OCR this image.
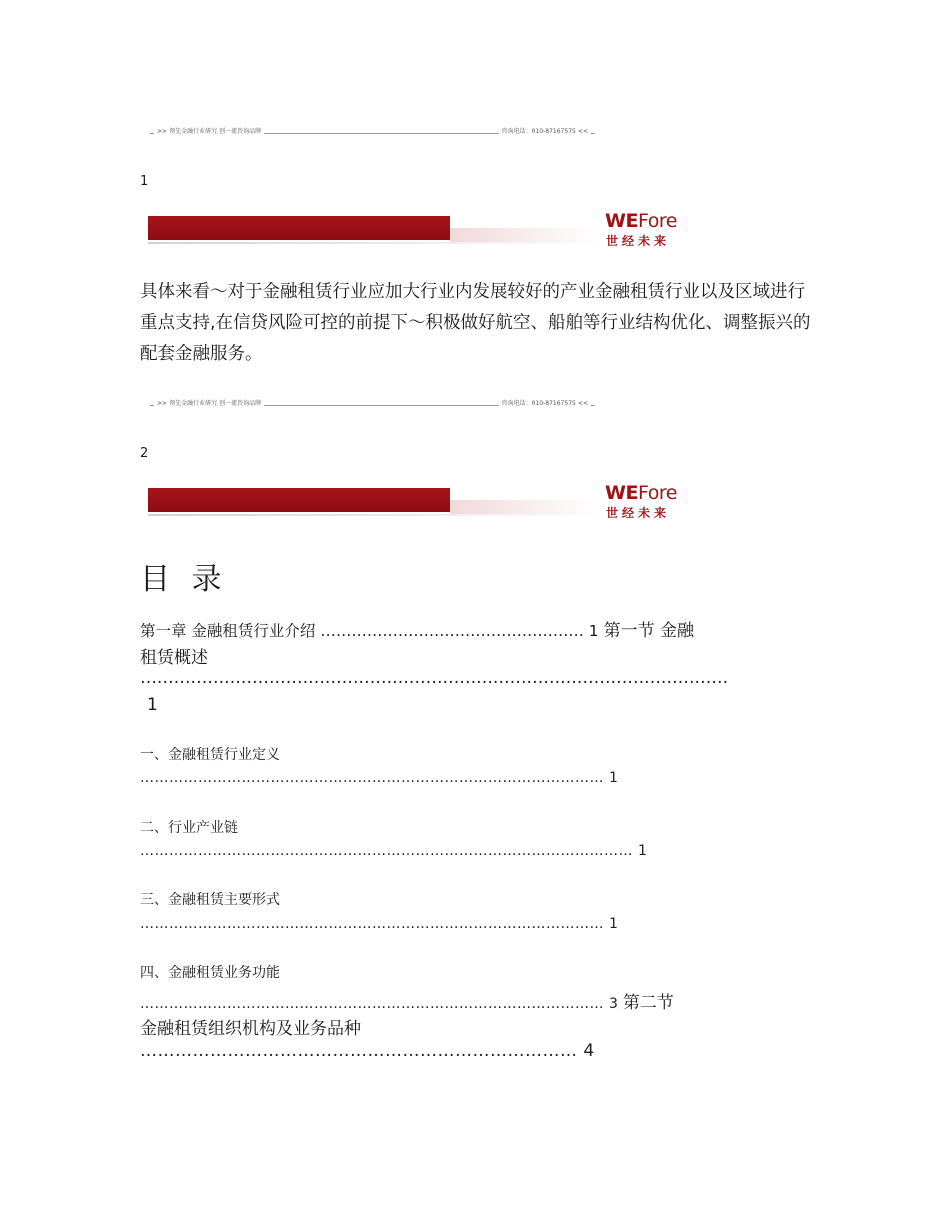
>> 领先金融行业研究 创一流咨询品牌	咨询电话：010-87167575 <<
1
WEFore
世经未来

具体来看～对于金融租赁行业应加大行业内发展较好的产业金融租赁行业以及区域进行重点支持,在信贷风险可控的前提下～积极做好航空、船舶等行业结构优化、调整振兴的配套金融服务。

>> 领先金融行业研究 创一流咨询品牌	咨询电话：010-87167575 <<
2
WEFore
世经未来
目 录
第一章 金融租赁行业介绍 …………………………………………… 1 第一节 金融
租赁概述
……………………………………………………………………………………………
1
一、金融租赁行业定义
…………………………………………………………………………………… 1
二、行业产业链
………………………………………………………………………………………… 1
三、金融租赁主要形式
…………………………………………………………………………………… 1
四、金融租赁业务功能
…………………………………………………………………………………… 3 第二节
金融租赁组织机构及业务品种
………………………………………………………………… 4
